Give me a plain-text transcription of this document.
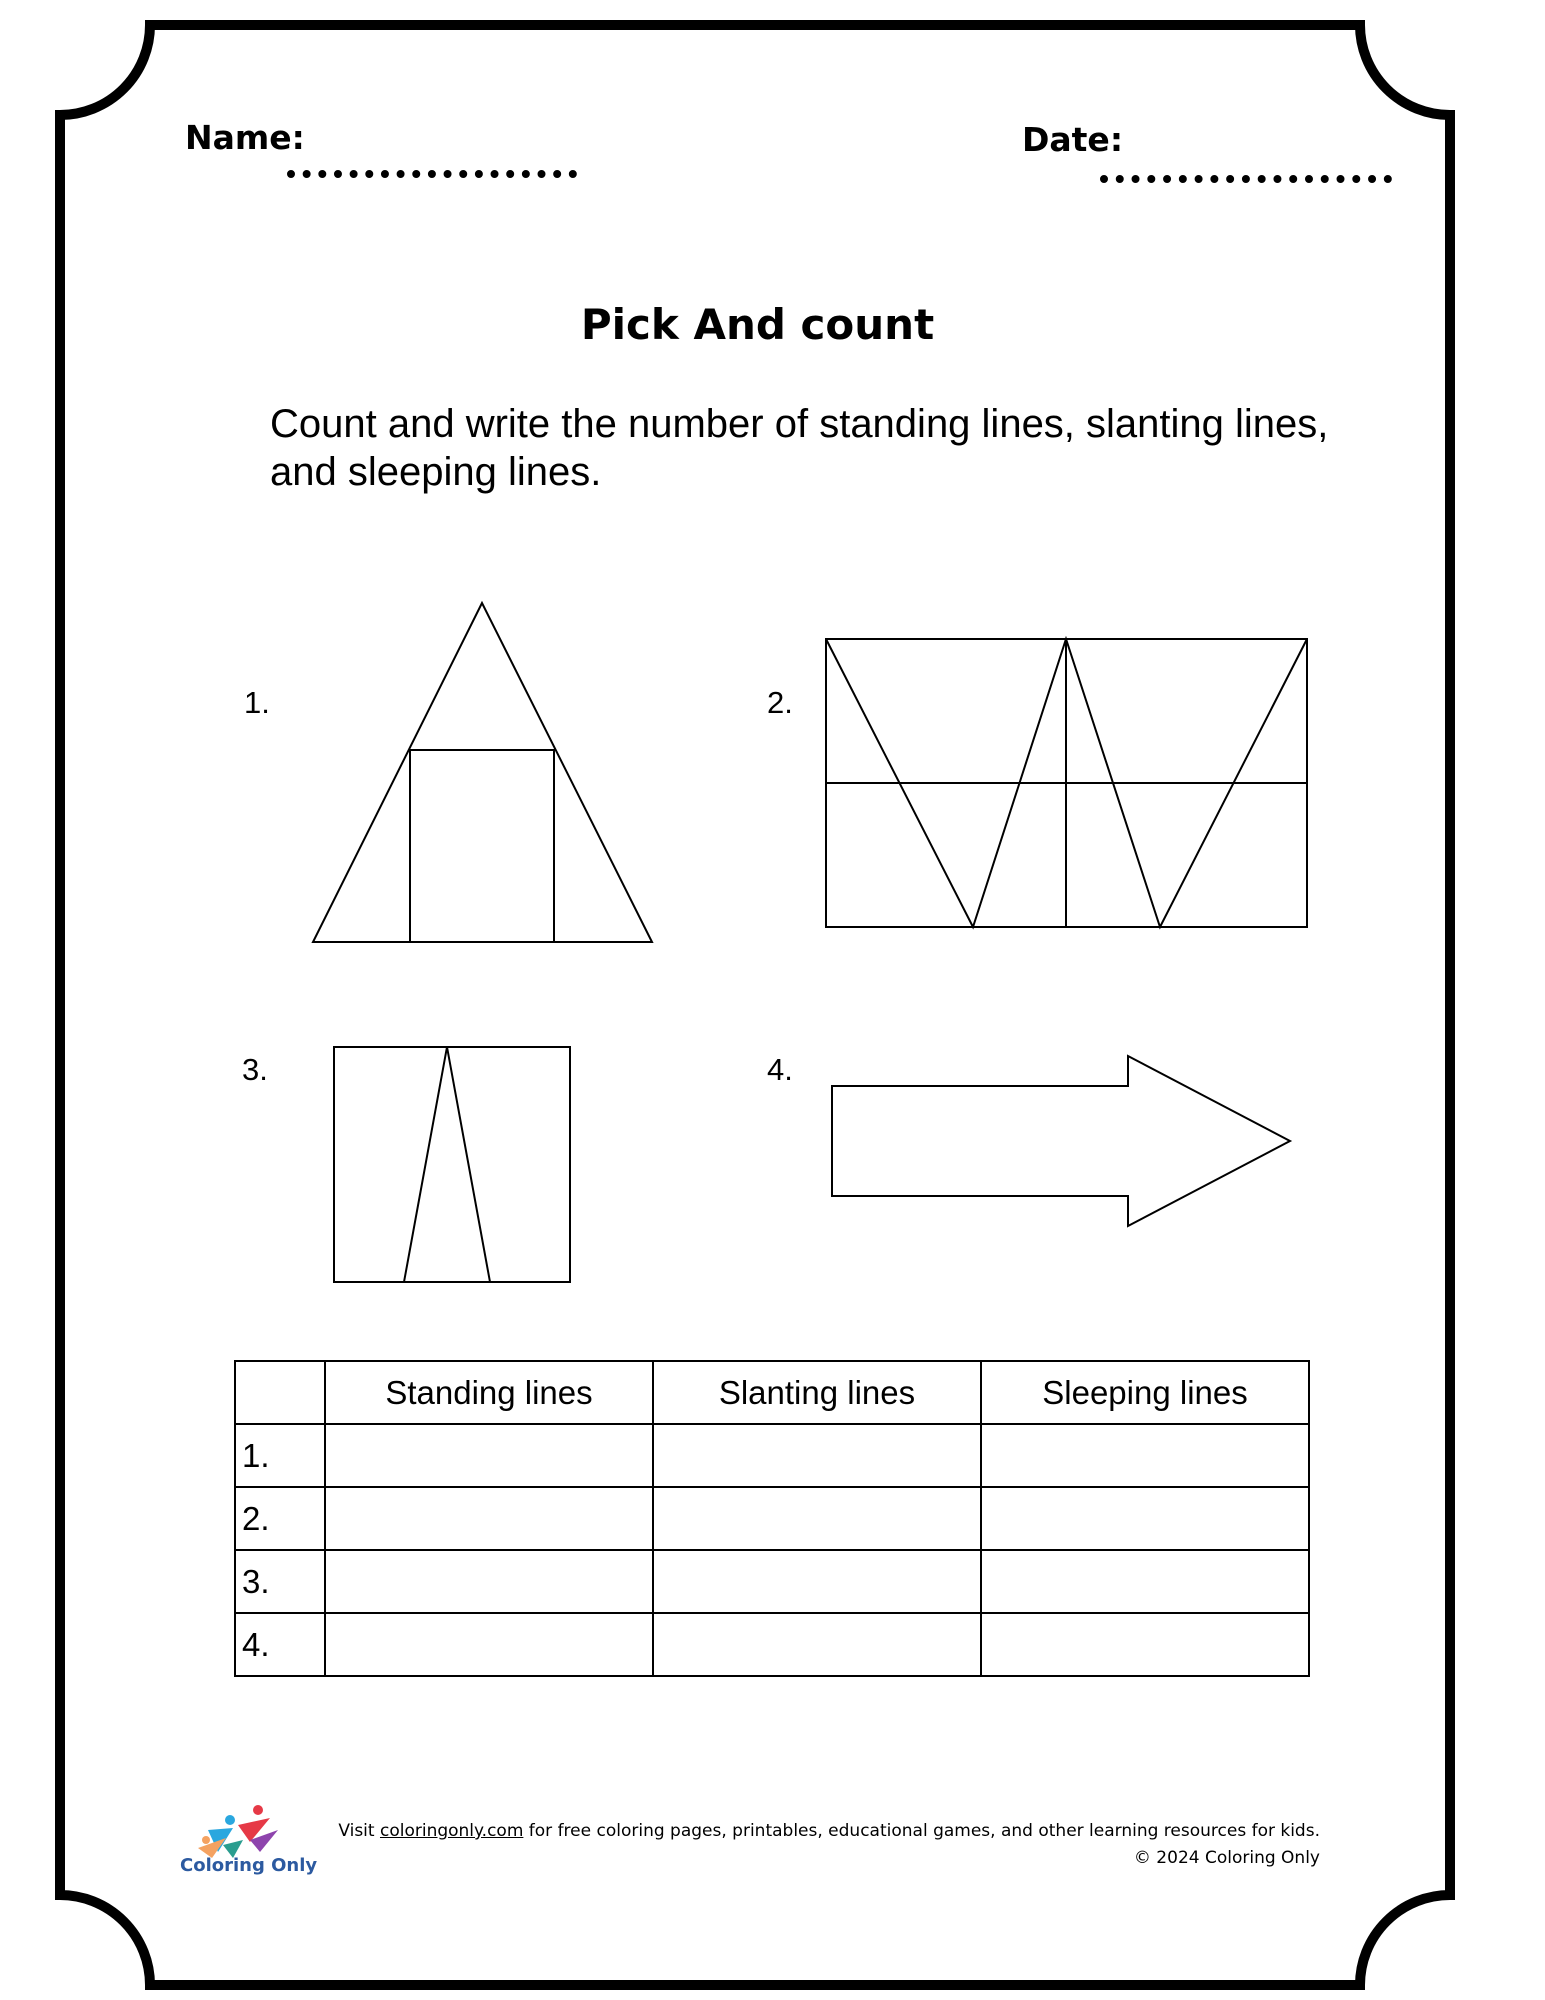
Name:	Date:
Pick And count
Count and write the number of standing lines, slanting lines, and sleeping lines.
1.	2.
3.	4.
	Standing lines	Slanting lines	Sleeping lines
1.			
2.			
3.			
4.			
Coloring Only
Visit coloringonly.com for free coloring pages, printables, educational games, and other learning resources for kids.
© 2024 Coloring Only
